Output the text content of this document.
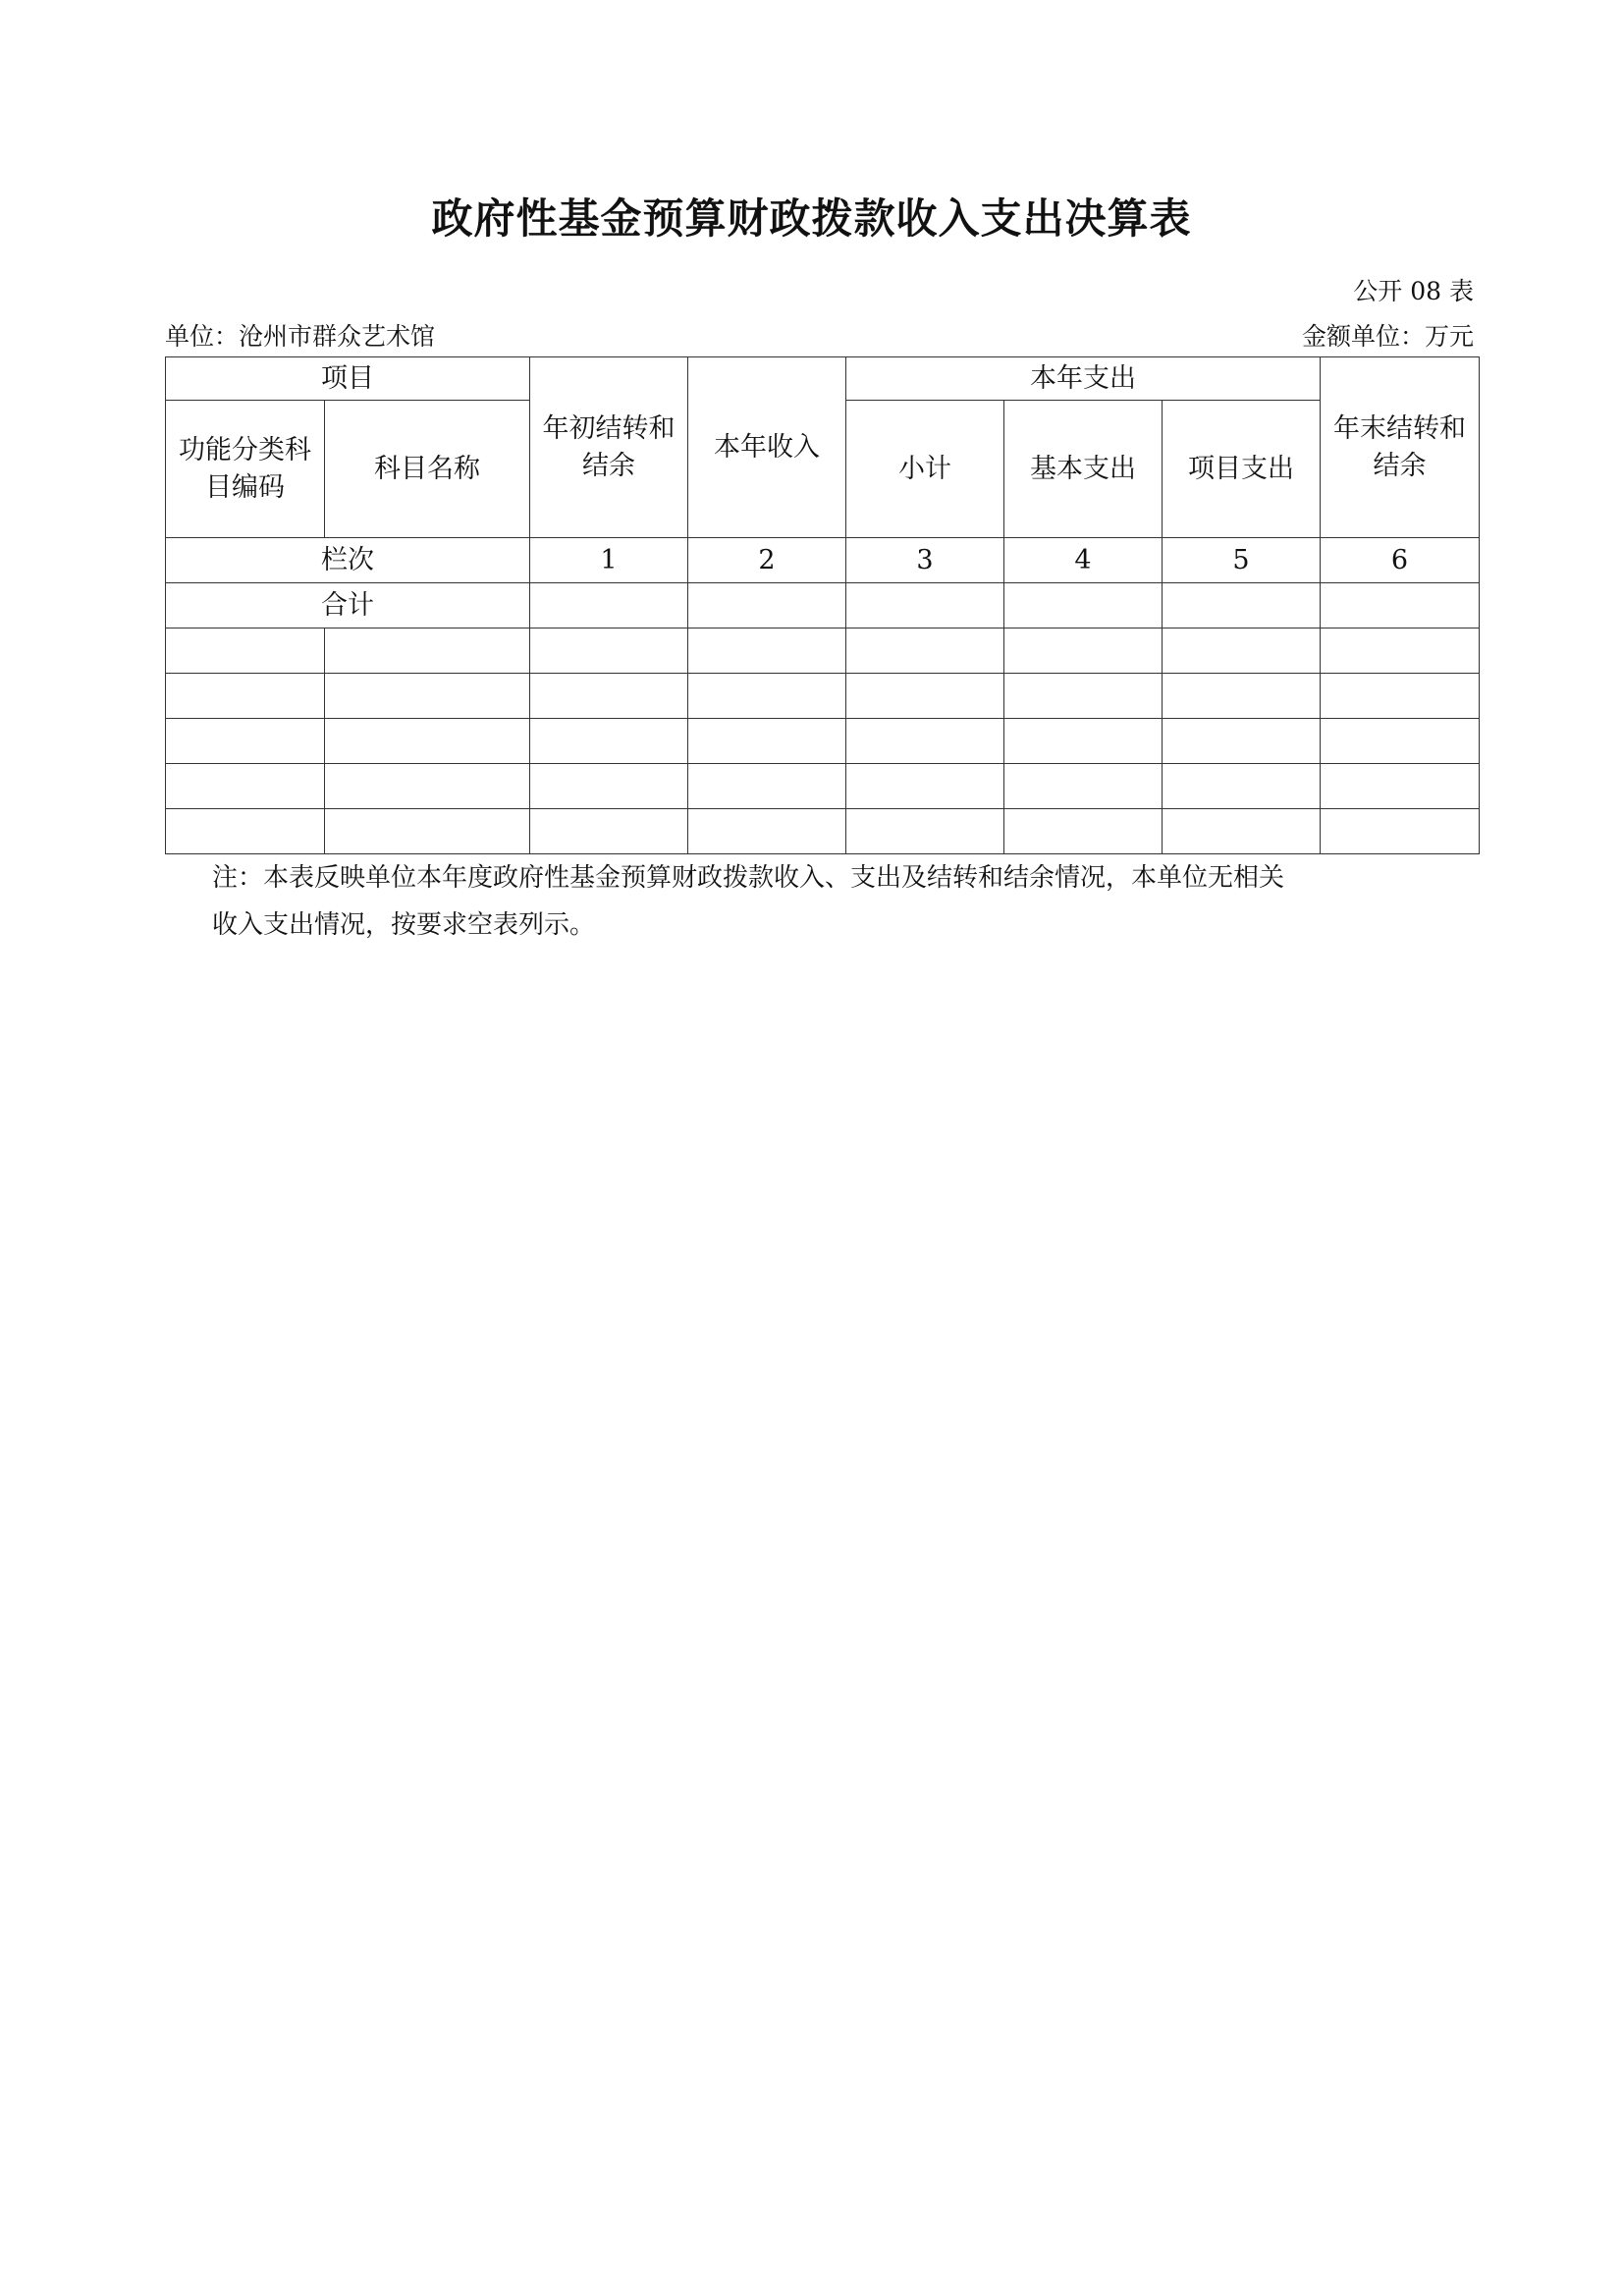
政府性基金预算财政拨款收入支出决算表
公开 08 表
单位：沧州市群众艺术馆	金额单位：万元
项目		年初结转和结余	本年收入	本年支出			年末结转和结余
功能分类科目编码	科目名称			小计	基本支出	项目支出	
栏次		1	2	3	4	5	6
合计							

注：本表反映单位本年度政府性基金预算财政拨款收入、支出及结转和结余情况，本单位无相关

收入支出情况，按要求空表列示。
